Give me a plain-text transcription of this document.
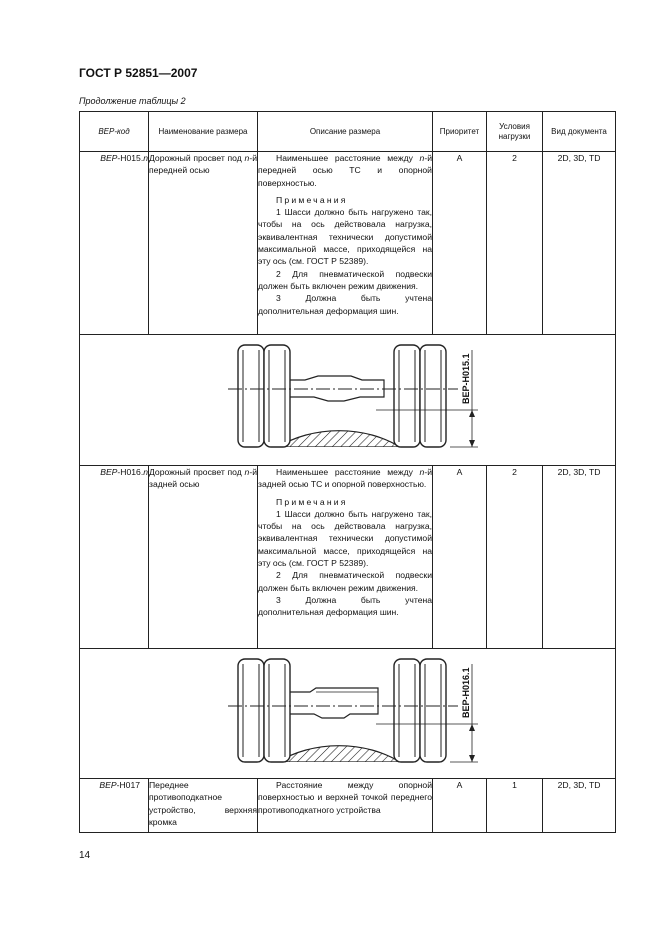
ГОСТ Р 52851—2007
Продолжение таблицы 2
ВЕР-код	Наименование размера	Описание размера	Приоритет	Условия нагрузки	Вид документа
ВЕР-Н015.n	Дорожный просвет под n-й передней осью	Наименьшее расстояние между n-й передней осью ТС и опорной поверхностью.

Примечания

1 Шасси должно быть нагружено так, чтобы на ось действовала нагрузка, эквивалентная технически допустимой максимальной массе, приходящейся на эту ось (см. ГОСТ Р 52389).

2 Для пневматической подвески должен быть включен режим движения.

3 Должна быть учтена дополнительная деформация шин.	A	2	2D, 3D, TD

BEP-H015.1					

ВЕР-Н016.n	Дорожный просвет под n-й задней осью	Наименьшее расстояние между n-й задней осью ТС и опорной поверхностью.

Примечания

1 Шасси должно быть нагружено так, чтобы на ось действовала нагрузка, эквивалентная технически допустимой максимальной массе, приходящейся на эту ось (см. ГОСТ Р 52389).

2 Для пневматической подвески должен быть включен режим движения.

3 Должна быть учтена дополнительная деформация шин.	A	2	2D, 3D, TD

BEP-H016.1					

ВЕР-Н017	Переднее противоподкатное устройство, верхняя кромка	Расстояние между опорной поверхностью и верхней точкой переднего противоподкатного устройства	A	1	2D, 3D, TD
14
